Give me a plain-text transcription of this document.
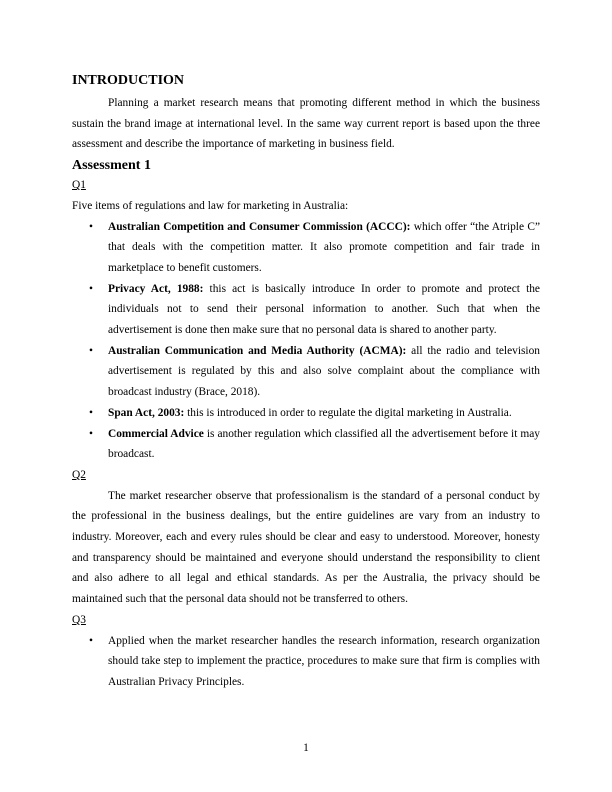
INTRODUCTION

Planning a market research means that promoting different method in which the business sustain the brand image at international level. In the same way current report is based upon the three assessment and describe the importance of marketing in business field.

Assessment 1

Q1

Five items of regulations and law for marketing in Australia:

• Australian Competition and Consumer Commission (ACCC): which offer “the Atriple C” that deals with the competition matter. It also promote competition and fair trade in marketplace to benefit customers.
• Privacy Act, 1988: this act is basically introduce In order to promote and protect the individuals not to send their personal information to another. Such that when the advertisement is done then make sure that no personal data is shared to another party.
• Australian Communication and Media Authority (ACMA): all the radio and television advertisement is regulated by this and also solve complaint about the compliance with broadcast industry (Brace, 2018).
• Span Act, 2003: this is introduced in order to regulate the digital marketing in Australia.
• Commercial Advice is another regulation which classified all the advertisement before it may broadcast.

Q2

The market researcher observe that professionalism is the standard of a personal conduct by the professional in the business dealings, but the entire guidelines are vary from an industry to industry. Moreover, each and every rules should be clear and easy to understood. Moreover, honesty and transparency should be maintained and everyone should understand the responsibility to client and also adhere to all legal and ethical standards. As per the Australia, the privacy should be maintained such that the personal data should not be transferred to others.

Q3

• Applied when the market researcher handles the research information, research organization should take step to implement the practice, procedures to make sure that firm is complies with Australian Privacy Principles.
1
